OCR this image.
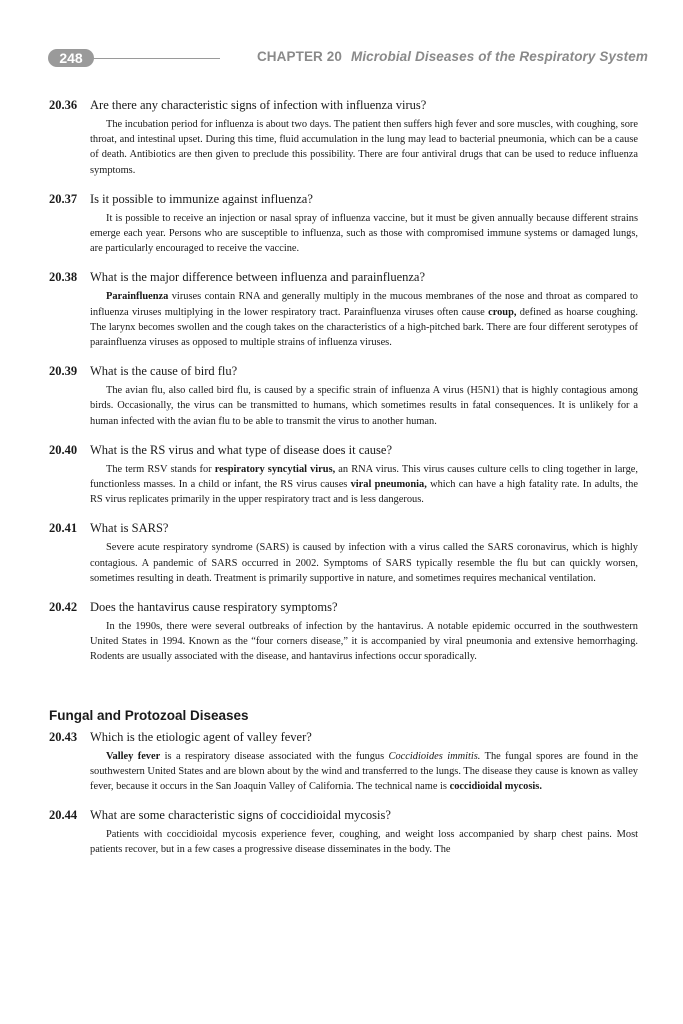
248	CHAPTER 20 Microbial Diseases of the Respiratory System
20.36	Are there any characteristic signs of infection with influenza virus?
The incubation period for influenza is about two days. The patient then suffers high fever and sore muscles, with coughing, sore throat, and intestinal upset. During this time, fluid accumulation in the lung may lead to bacterial pneumonia, which can be a cause of death. Antibiotics are then given to preclude this possibility. There are four antiviral drugs that can be used to reduce influenza symptoms.
20.37	Is it possible to immunize against influenza?
It is possible to receive an injection or nasal spray of influenza vaccine, but it must be given annually because different strains emerge each year. Persons who are susceptible to influenza, such as those with compromised immune systems or damaged lungs, are particularly encouraged to receive the vaccine.
20.38	What is the major difference between influenza and parainfluenza?
Parainfluenza viruses contain RNA and generally multiply in the mucous membranes of the nose and throat as compared to influenza viruses multiplying in the lower respiratory tract. Parainfluenza viruses often cause croup, defined as hoarse coughing. The larynx becomes swollen and the cough takes on the characteristics of a high-pitched bark. There are four different serotypes of parainfluenza viruses as opposed to multiple strains of influenza viruses.
20.39	What is the cause of bird flu?
The avian flu, also called bird flu, is caused by a specific strain of influenza A virus (H5N1) that is highly contagious among birds. Occasionally, the virus can be transmitted to humans, which sometimes results in fatal consequences. It is unlikely for a human infected with the avian flu to be able to transmit the virus to another human.
20.40	What is the RS virus and what type of disease does it cause?
The term RSV stands for respiratory syncytial virus, an RNA virus. This virus causes culture cells to cling together in large, functionless masses. In a child or infant, the RS virus causes viral pneumonia, which can have a high fatality rate. In adults, the RS virus replicates primarily in the upper respiratory tract and is less dangerous.
20.41	What is SARS?
Severe acute respiratory syndrome (SARS) is caused by infection with a virus called the SARS coronavirus, which is highly contagious. A pandemic of SARS occurred in 2002. Symptoms of SARS typically resemble the flu but can quickly worsen, sometimes resulting in death. Treatment is primarily supportive in nature, and sometimes requires mechanical ventilation.
20.42	Does the hantavirus cause respiratory symptoms?
In the 1990s, there were several outbreaks of infection by the hantavirus. A notable epidemic occurred in the southwestern United States in 1994. Known as the “four corners disease,” it is accompanied by viral pneumonia and extensive hemorrhaging. Rodents are usually associated with the disease, and hantavirus infections occur sporadically.
Fungal and Protozoal Diseases
20.43	Which is the etiologic agent of valley fever?
Valley fever is a respiratory disease associated with the fungus Coccidioides immitis. The fungal spores are found in the southwestern United States and are blown about by the wind and transferred to the lungs. The disease they cause is known as valley fever, because it occurs in the San Joaquin Valley of California. The technical name is coccidioidal mycosis.
20.44	What are some characteristic signs of coccidioidal mycosis?
Patients with coccidioidal mycosis experience fever, coughing, and weight loss accompanied by sharp chest pains. Most patients recover, but in a few cases a progressive disease disseminates in the body. The
